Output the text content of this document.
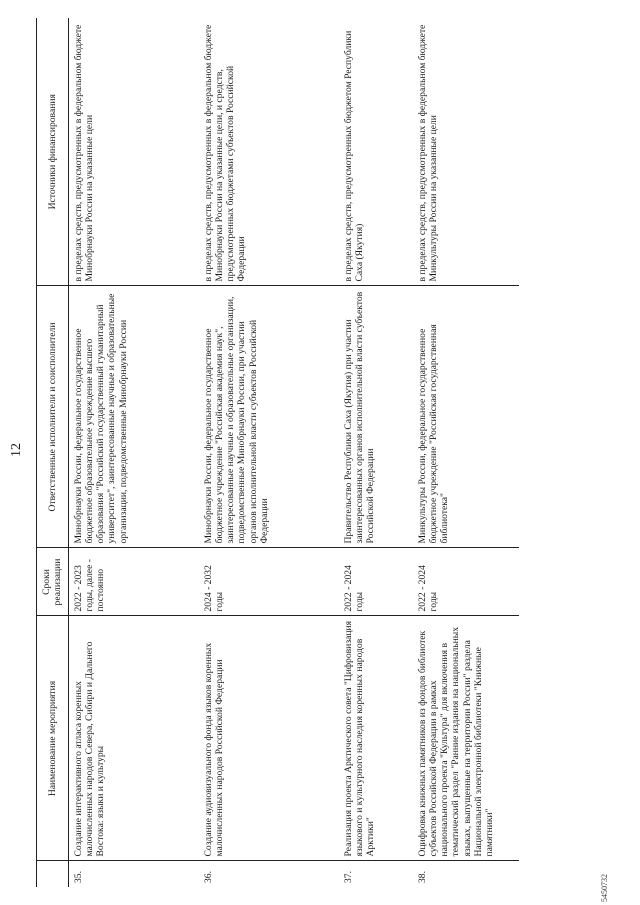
12
	Наименование мероприятия	Сроки реализации	Ответственные исполнители и соисполнители	Источники финансирования
35.	Создание интерактивного атласа коренных малочисленных народов Севера, Сибири и Дальнего Востока: языки и культуры	2022 - 2023 годы, далее - постоянно	Минобрнауки России, федеральное государственное бюджетное образовательное учреждение высшего образования "Российский государственный гуманитарный университет", заинтересованные научные и образовательные организации, подведомственные Минобрнауки России	в пределах средств, предусмотренных в федеральном бюджете Минобрнауки России на указанные цели
36.	Создание аудиовизуального фонда языков коренных малочисленных народов Российской Федерации	2024 - 2032 годы	Минобрнауки России, федеральное государственное бюджетное учреждение "Российская академия наук", заинтересованные научные и образовательные организации, подведомственные Минобрнауки России, при участии органов исполнительной власти субъектов Российской Федерации	в пределах средств, предусмотренных в федеральном бюджете Минобрнауки России на указанные цели, и средств, предусмотренных бюджетами субъектов Российской Федерации
37.	Реализация проекта Арктического совета "Цифровизация языкового и культурного наследия коренных народов Арктики"	2022 - 2024 годы	Правительство Республики Саха (Якутия) при участии заинтересованных органов исполнительной власти субъектов Российской Федерации	в пределах средств, предусмотренных бюджетом Республики Саха (Якутия)
38.	Оцифровка книжных памятников из фондов библиотек субъектов Российской Федерации в рамках национального проекта "Культура" для включения в тематический раздел "Ранние издания на национальных языках, выпущенные на территории России" раздела Национальной электронной библиотеки "Книжные памятники"	2022 - 2024 годы	Минкультуры России, федеральное государственное бюджетное учреждение "Российская государственная библиотека"	в пределах средств, предусмотренных в федеральном бюджете Минкультуры России на указанные цели
5450732
